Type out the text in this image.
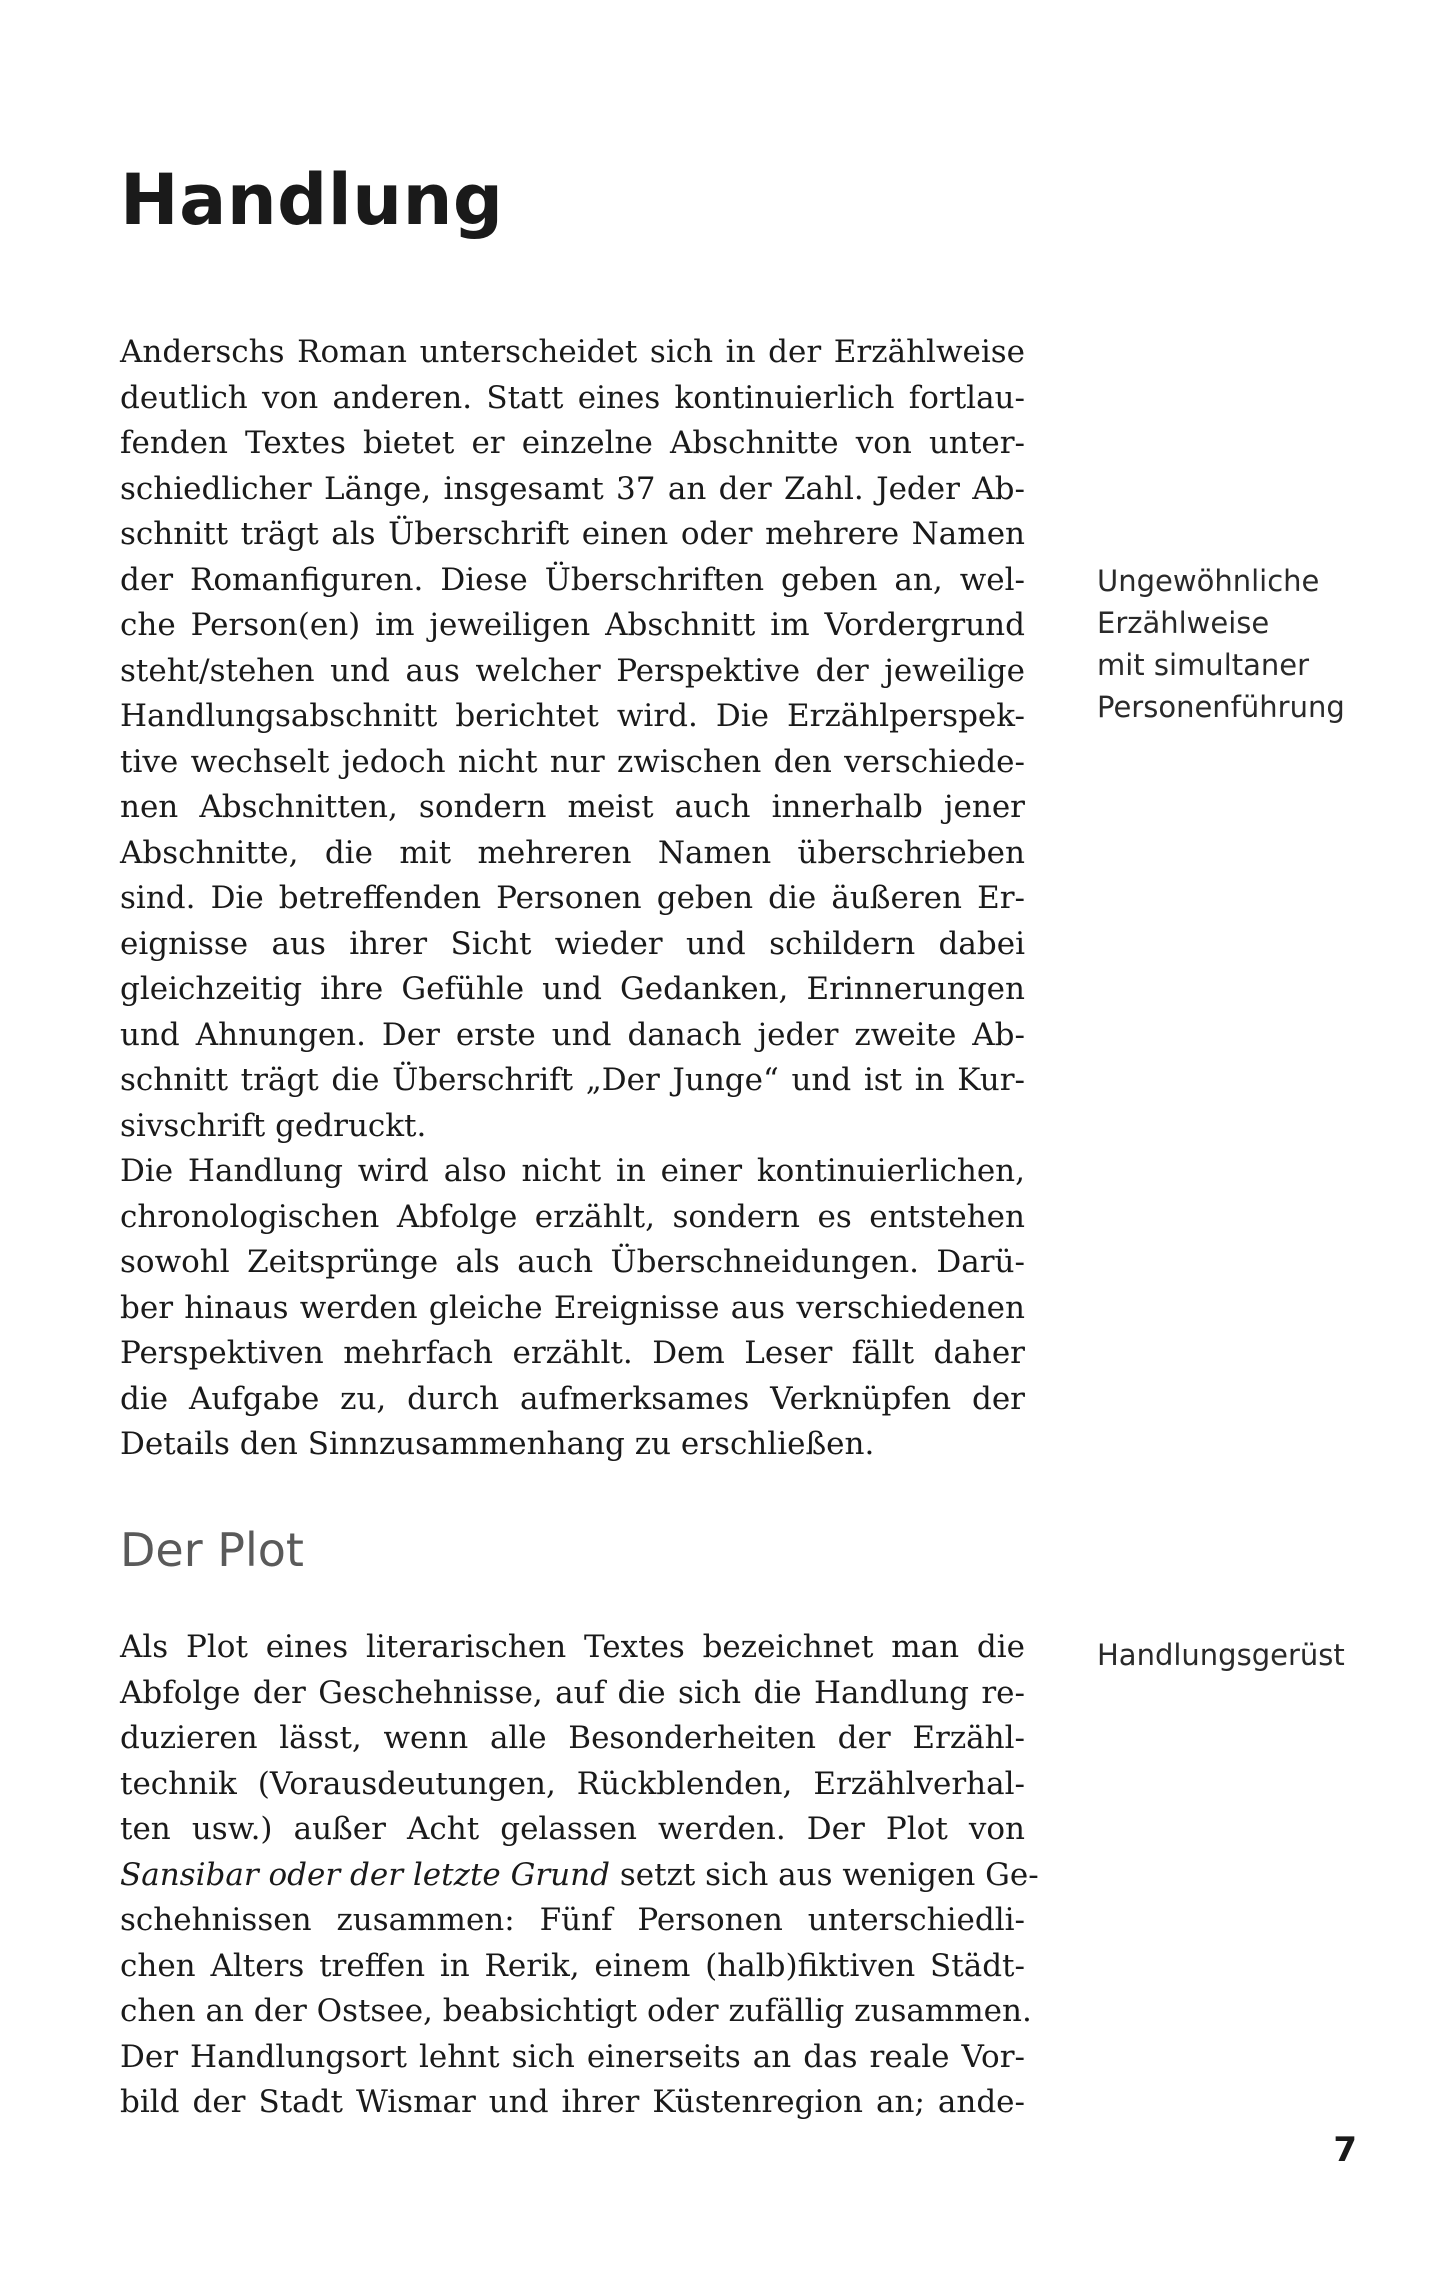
Handlung
Anderschs Roman unterscheidet sich in der Erzählweise
deutlich von anderen. Statt eines kontinuierlich fortlau-
fenden Textes bietet er einzelne Abschnitte von unter-
schiedlicher Länge, insgesamt 37 an der Zahl. Jeder Ab-
schnitt trägt als Überschrift einen oder mehrere Namen
der Romanfiguren. Diese Überschriften geben an, wel-
che Person(en) im jeweiligen Abschnitt im Vordergrund
steht/stehen und aus welcher Perspektive der jeweilige
Handlungsabschnitt berichtet wird. Die Erzählperspek-
tive wechselt jedoch nicht nur zwischen den verschiede-
nen Abschnitten, sondern meist auch innerhalb jener
Abschnitte, die mit mehreren Namen überschrieben
sind. Die betreffenden Personen geben die äußeren Er-
eignisse aus ihrer Sicht wieder und schildern dabei
gleichzeitig ihre Gefühle und Gedanken, Erinnerungen
und Ahnungen. Der erste und danach jeder zweite Ab-
schnitt trägt die Überschrift „Der Junge“ und ist in Kur-
sivschrift gedruckt.
Die Handlung wird also nicht in einer kontinuierlichen,
chronologischen Abfolge erzählt, sondern es entstehen
sowohl Zeitsprünge als auch Überschneidungen. Darü-
ber hinaus werden gleiche Ereignisse aus verschiedenen
Perspektiven mehrfach erzählt. Dem Leser fällt daher
die Aufgabe zu, durch aufmerksames Verknüpfen der
Details den Sinnzusammenhang zu erschließen.
Ungewöhnliche
Erzählweise
mit simultaner
Personenführung
Der Plot
Als Plot eines literarischen Textes bezeichnet man die
Abfolge der Geschehnisse, auf die sich die Handlung re-
duzieren lässt, wenn alle Besonderheiten der Erzähl-
technik (Vorausdeutungen, Rückblenden, Erzählverhal-
ten usw.) außer Acht gelassen werden. Der Plot von
Sansibar oder der letzte Grund setzt sich aus wenigen Ge-
schehnissen zusammen: Fünf Personen unterschiedli-
chen Alters treffen in Rerik, einem (halb)fiktiven Städt-
chen an der Ostsee, beabsichtigt oder zufällig zusammen.
Der Handlungsort lehnt sich einerseits an das reale Vor-
bild der Stadt Wismar und ihrer Küstenregion an; ande-
Handlungsgerüst
7
